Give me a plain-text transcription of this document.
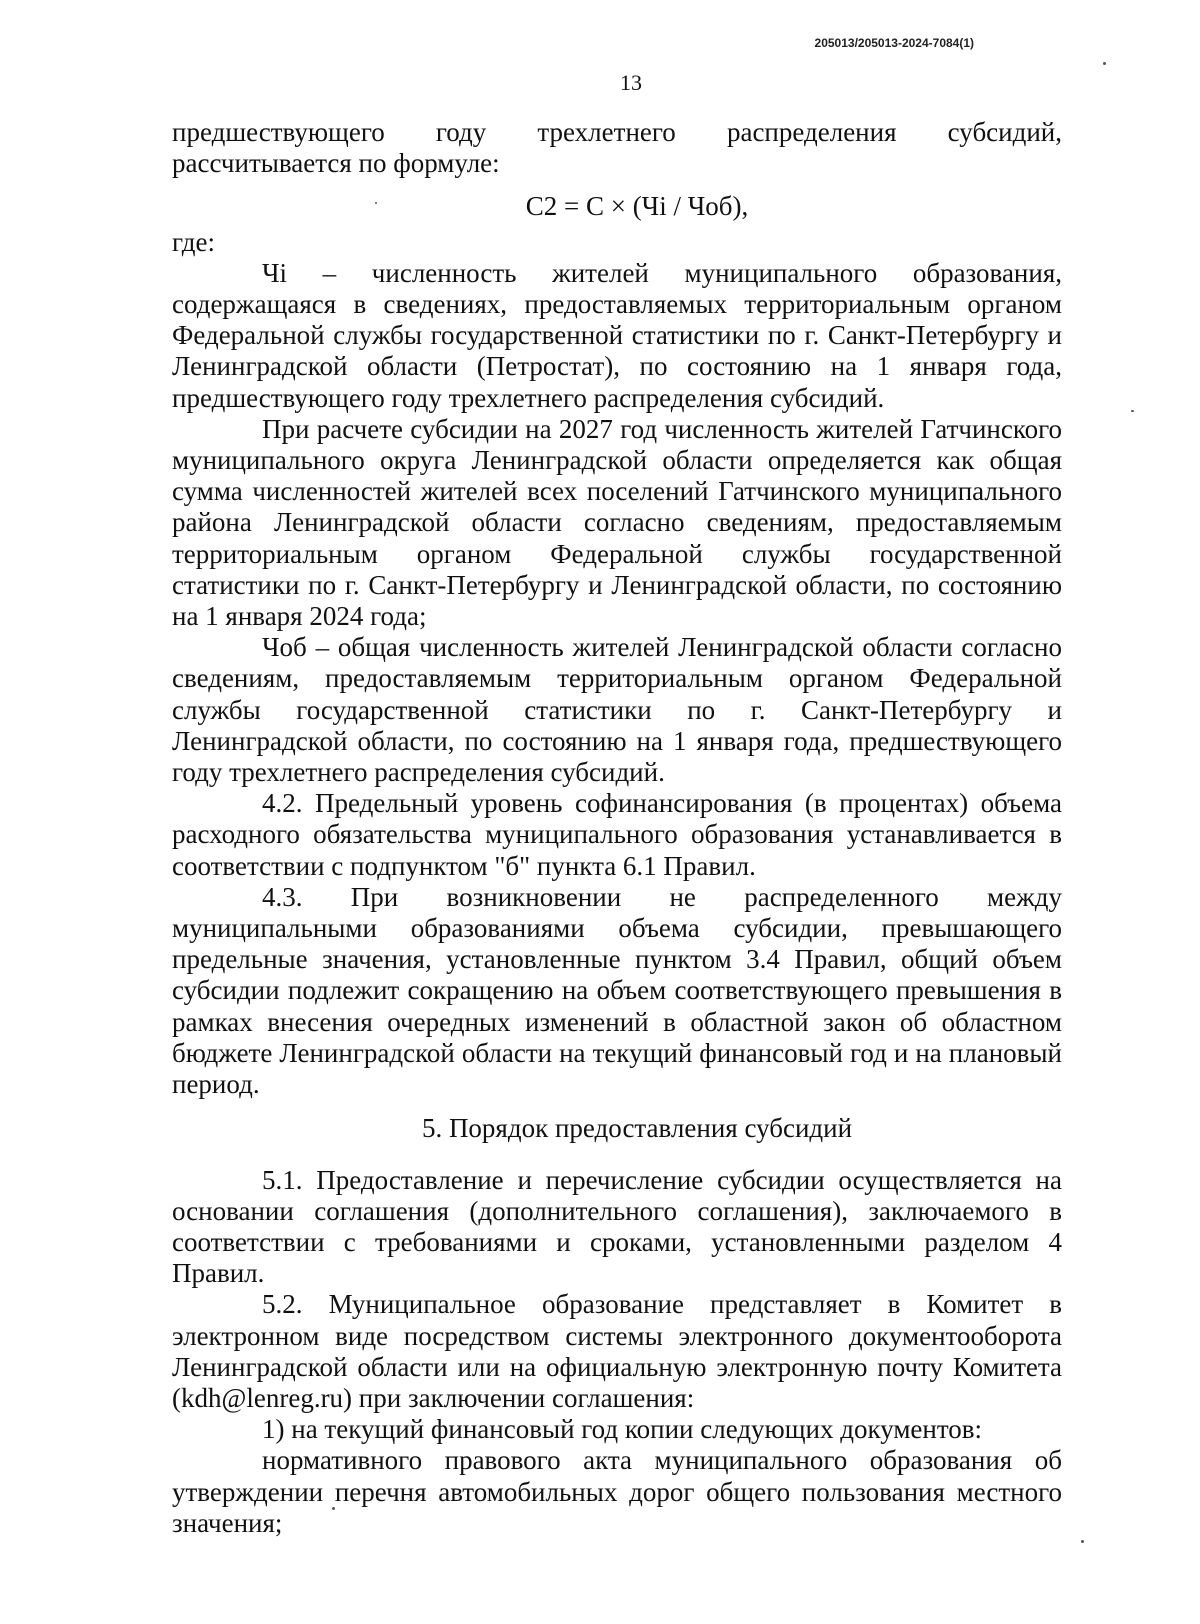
205013/205013-2024-7084(1)
13

предшествующего году трехлетнего распределения субсидий, рассчитывается по формуле:

С2 = С × (Чi / Чоб),

где:

Чi – численность жителей муниципального образования, содержащаяся в сведениях, предоставляемых территориальным органом Федеральной службы государственной статистики по г. Санкт-Петербургу и Ленинградской области (Петростат), по состоянию на 1 января года, предшествующего году трехлетнего распределения субсидий.

При расчете субсидии на 2027 год численность жителей Гатчинского муниципального округа Ленинградской области определяется как общая сумма численностей жителей всех поселений Гатчинского муниципального района Ленинградской области согласно сведениям, предоставляемым территориальным органом Федеральной службы государственной статистики по г. Санкт-Петербургу и Ленинградской области, по состоянию на 1 января 2024 года;

Чоб – общая численность жителей Ленинградской области согласно сведениям, предоставляемым территориальным органом Федеральной службы государственной статистики по г. Санкт-Петербургу и Ленинградской области, по состоянию на 1 января года, предшествующего году трехлетнего распределения субсидий.

4.2. Предельный уровень софинансирования (в процентах) объема расходного обязательства муниципального образования устанавливается в соответствии с подпунктом "б" пункта 6.1 Правил.

4.3. При возникновении не распределенного между муниципальными образованиями объема субсидии, превышающего предельные значения, установленные пунктом 3.4 Правил, общий объем субсидии подлежит сокращению на объем соответствующего превышения в рамках внесения очередных изменений в областной закон об областном бюджете Ленинградской области на текущий финансовый год и на плановый период.

5. Порядок предоставления субсидий

5.1. Предоставление и перечисление субсидии осуществляется на основании соглашения (дополнительного соглашения), заключаемого в соответствии с требованиями и сроками, установленными разделом 4 Правил.

5.2. Муниципальное образование представляет в Комитет в электронном виде посредством системы электронного документооборота Ленинградской области или на официальную электронную почту Комитета (kdh@lenreg.ru) при заключении соглашения:

1) на текущий финансовый год копии следующих документов:

нормативного правового акта муниципального образования об утверждении перечня автомобильных дорог общего пользования местного значения;
